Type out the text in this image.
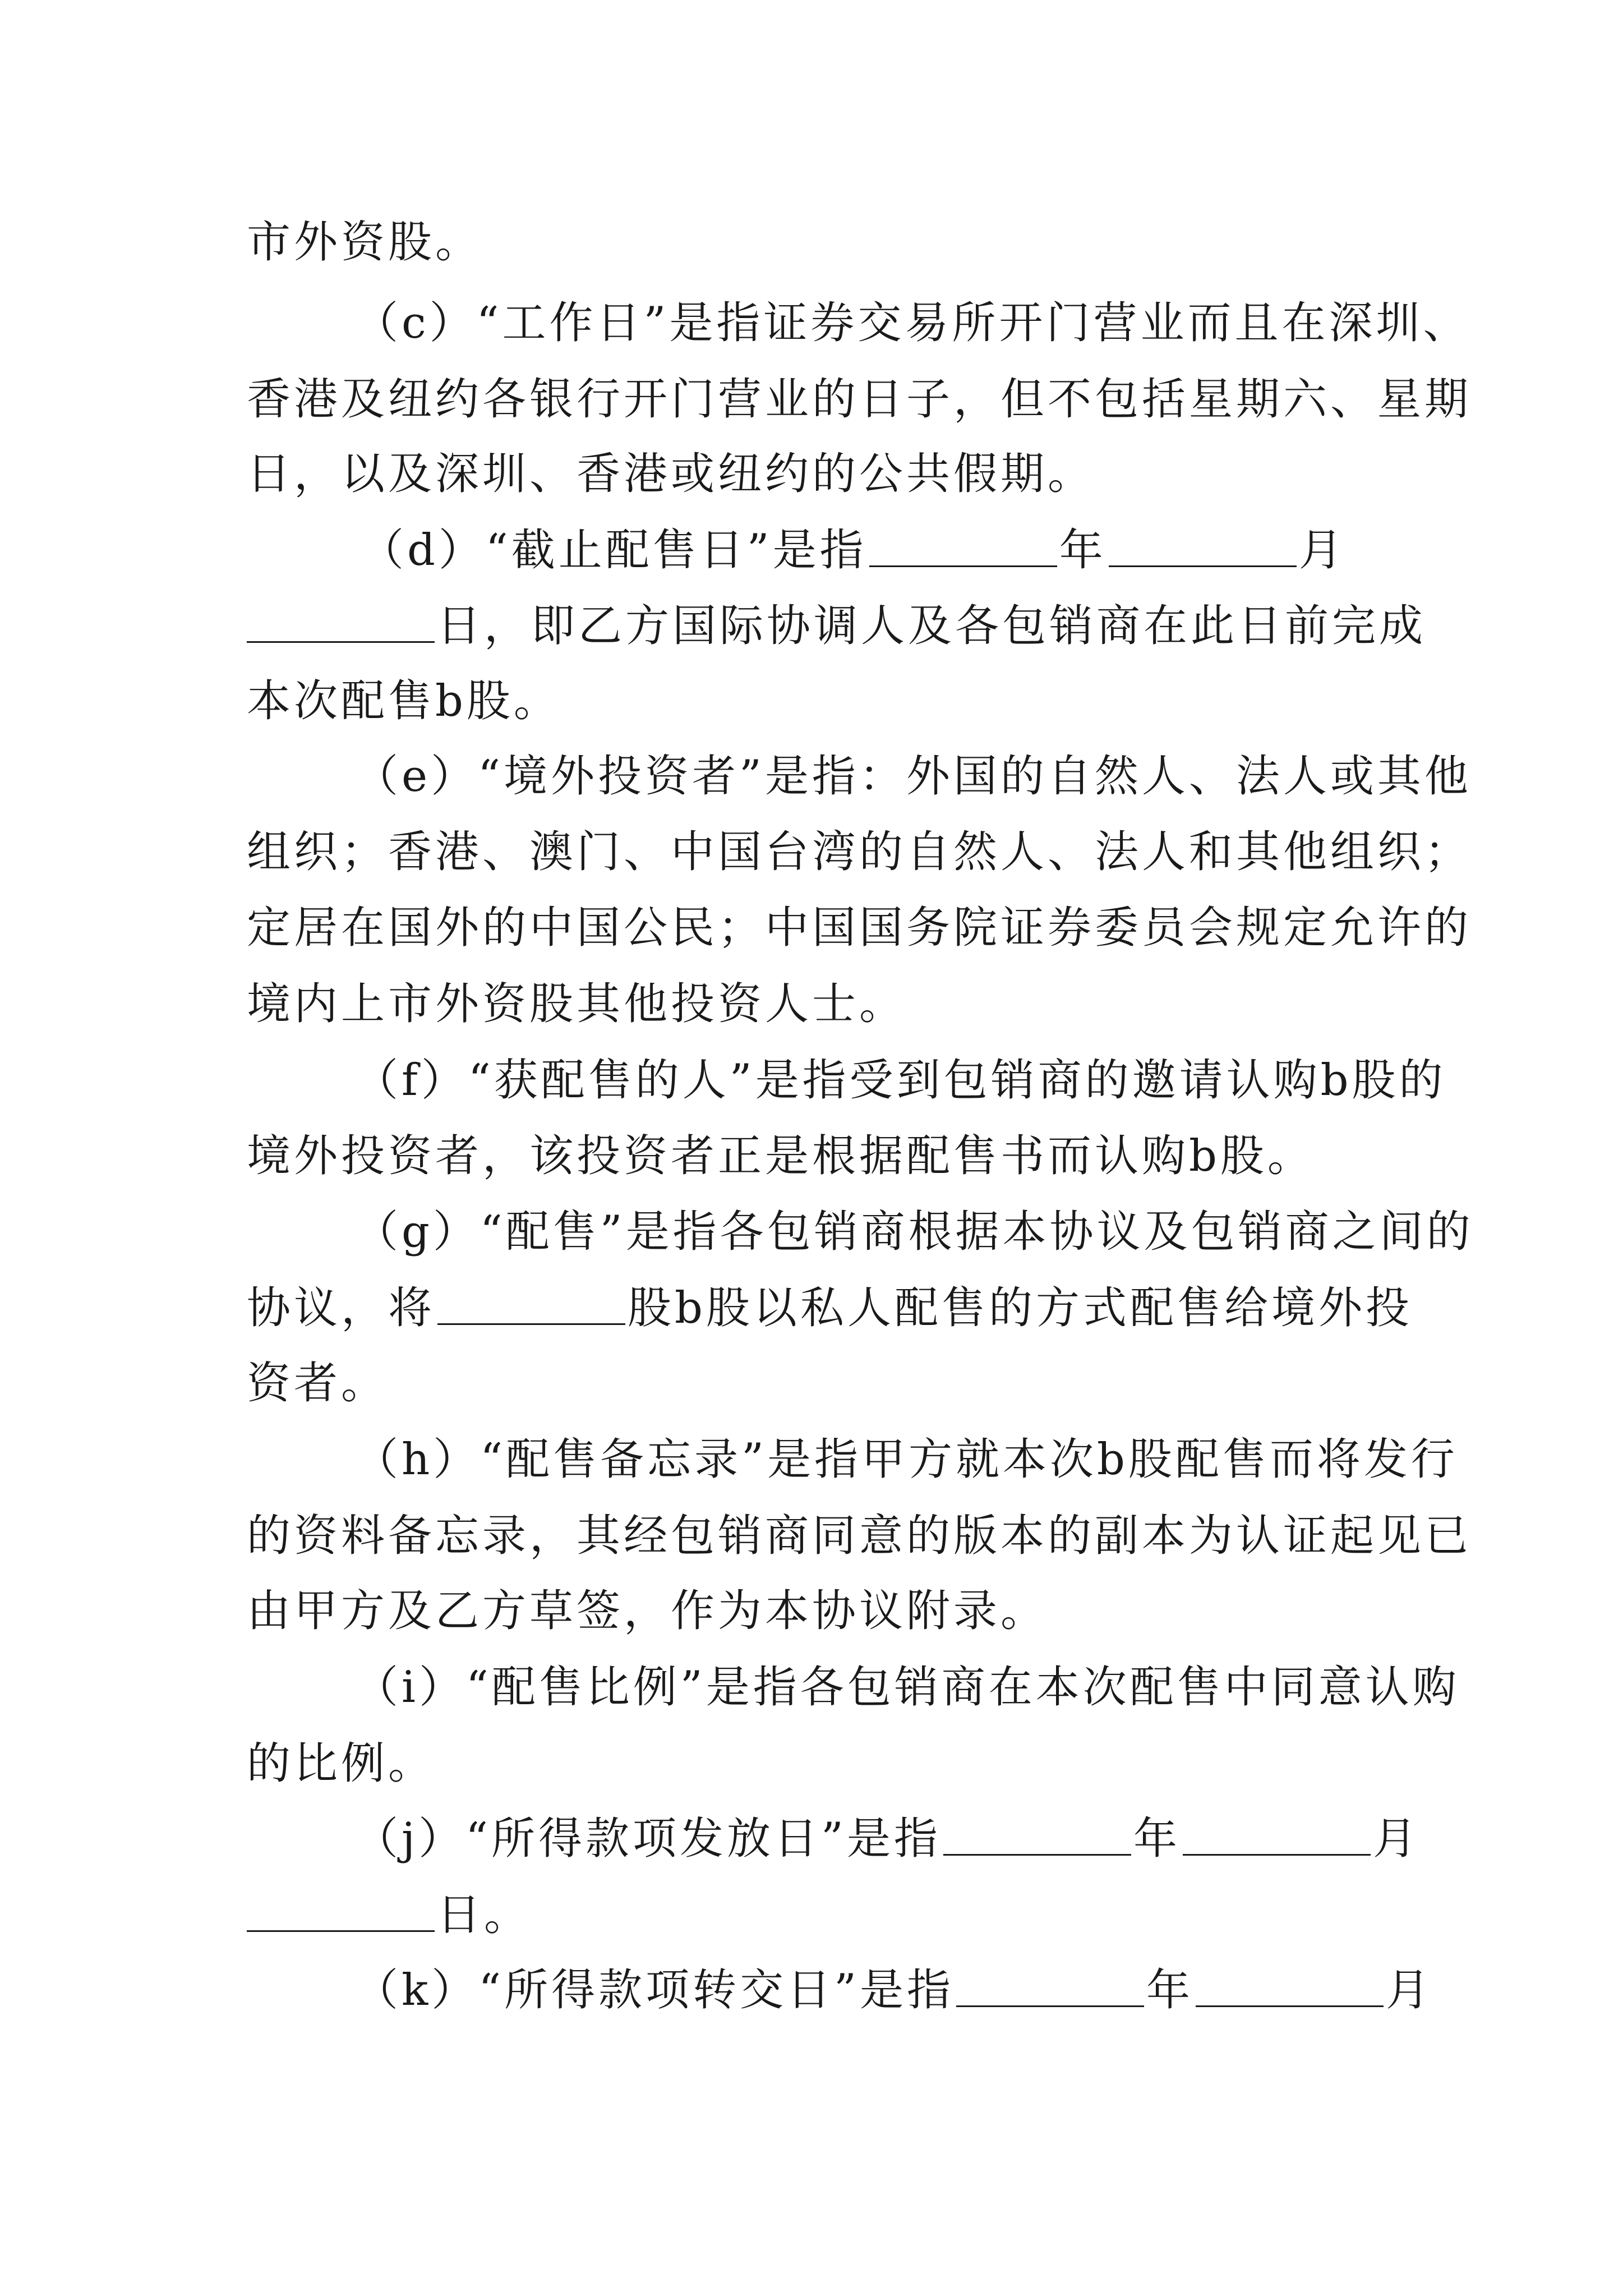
市外资股。
（c）“工作日”是指证券交易所开门营业而且在深圳、
香港及纽约各银行开门营业的日子，但不包括星期六、星期
日，以及深圳、香港或纽约的公共假期。
（d）“截止配售日”是指	年	月
日，即乙方国际协调人及各包销商在此日前完成
本次配售b股。
（e）“境外投资者”是指：外国的自然人、法人或其他
组织；香港、澳门、中国台湾的自然人、法人和其他组织；
定居在国外的中国公民；中国国务院证券委员会规定允许的
境内上市外资股其他投资人士。
（f）“获配售的人”是指受到包销商的邀请认购b股的
境外投资者，该投资者正是根据配售书而认购b股。
（g）“配售”是指各包销商根据本协议及包销商之间的
协议，将	股b股以私人配售的方式配售给境外投
资者。
（h）“配售备忘录”是指甲方就本次b股配售而将发行
的资料备忘录，其经包销商同意的版本的副本为认证起见已
由甲方及乙方草签，作为本协议附录。
（i）“配售比例”是指各包销商在本次配售中同意认购
的比例。
（j）“所得款项发放日”是指	年	月
日。
（k）“所得款项转交日”是指	年	月
